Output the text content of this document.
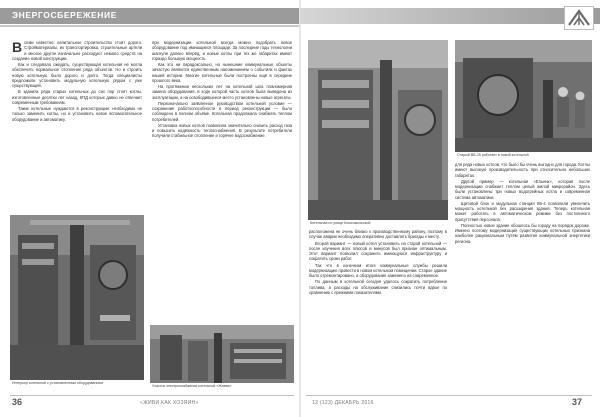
ЭНЕРГОСБЕРЕЖЕНИЕ

Всеми известно: капитальное строительство стоит дорого. Стройматериалы, их транспортировка, строительные артели и многое другое изначально расходуют немало средств на создание новой конструкции.

Как и следовало ожидать, существующая котельная не могла обеспечить нормальное отопление ряда объектов. Но и строить новую котельную было дорого и долго. Тогда специалисты предложили установить модульную котельную рядом с уже существующей.

В зданиях ряда старых котельных до сих пор стоят котлы, изготовленные десятки лет назад, КПД которых давно не отвечает современным требованиям.

Такие котельные нуждаются в реконструкции: необходимо не только заменить котлы, но и установить новое вспомогательное оборудование и автоматику.

при модернизации котельной всегда можно подобрать новое оборудование под имеющиеся площади. За последние годы технологии шагнули далеко вперёд, и новые котлы при тех же габаритах имеют гораздо большую мощность.

Как это ни парадоксально, но нынешние коммунальные объекты зачастую являются единственным напоминанием о событиях и фактах нашей истории. Многие котельные были построены ещё в середине прошлого века.

На протяжении нескольких лет на котельной шла планомерная замена оборудования, в ходе которой часть котлов была выведена из эксплуатации, а на освободившееся место установлены новые агрегаты.

Первоначально заявленное руководством котельной условие — сохранение работоспособности в период реконструкции — было соблюдено в полном объёме. Котельная продолжала снабжать теплом потребителей.

Установка новых котлов позволила значительно снизить расход газа и повысить надёжность теплоснабжения. В результате потребители получили стабильное отопление и горячее водоснабжение.

Интерьер котельной с установленным оборудованием
Участок электроснабжения котельной «Живая»
36	«ЖИВИ КАК ХОЗЯИН»
Котельная по улице Комсомольской
Старый ВВ-25 работает в новой котельной

расположена не очень близко к производственному району, поэтому в случае аварии необходимо оперативно доставлять бригады к месту.

Второй вариант — новый котел установить на старой котельной — после изучения всех плюсов и минусов был признан оптимальным. Этот вариант позволил сохранить имеющуюся инфраструктуру и сократить сроки работ.

Так что в конечном итоге коммунальные службы решили модернизацию провести в новом котельном помещении. Старое здание было отремонтировано, а оборудование заменено на современное.

По данным в котельной сегодня удалось сократить потребление топлива, а расходы на обслуживание снизились почти вдвое по сравнению с прежними показателями.

для ряда новых котлов, что было бы очень выгодно для города. Котлы имеют высокую производительность при относительно небольших габаритах.

Другой пример — котельная «Ельник», которая после модернизации снабжает теплом целый жилой микрорайон. Здесь были установлены три новых водогрейных котла и современная система автоматики.

Щитовой блок и модульная станция КБ-4 позволили увеличить мощность котельной без расширения здания. Теперь котельная может работать в автоматическом режиме без постоянного присутствия персонала.

Полностью новое здание обошлось бы городу на порядок дороже. Именно поэтому модернизация существующих котельных признана наиболее рациональным путём развития коммунальной энергетики региона.

12 (123) ДЕКАБРЬ 2016	37
